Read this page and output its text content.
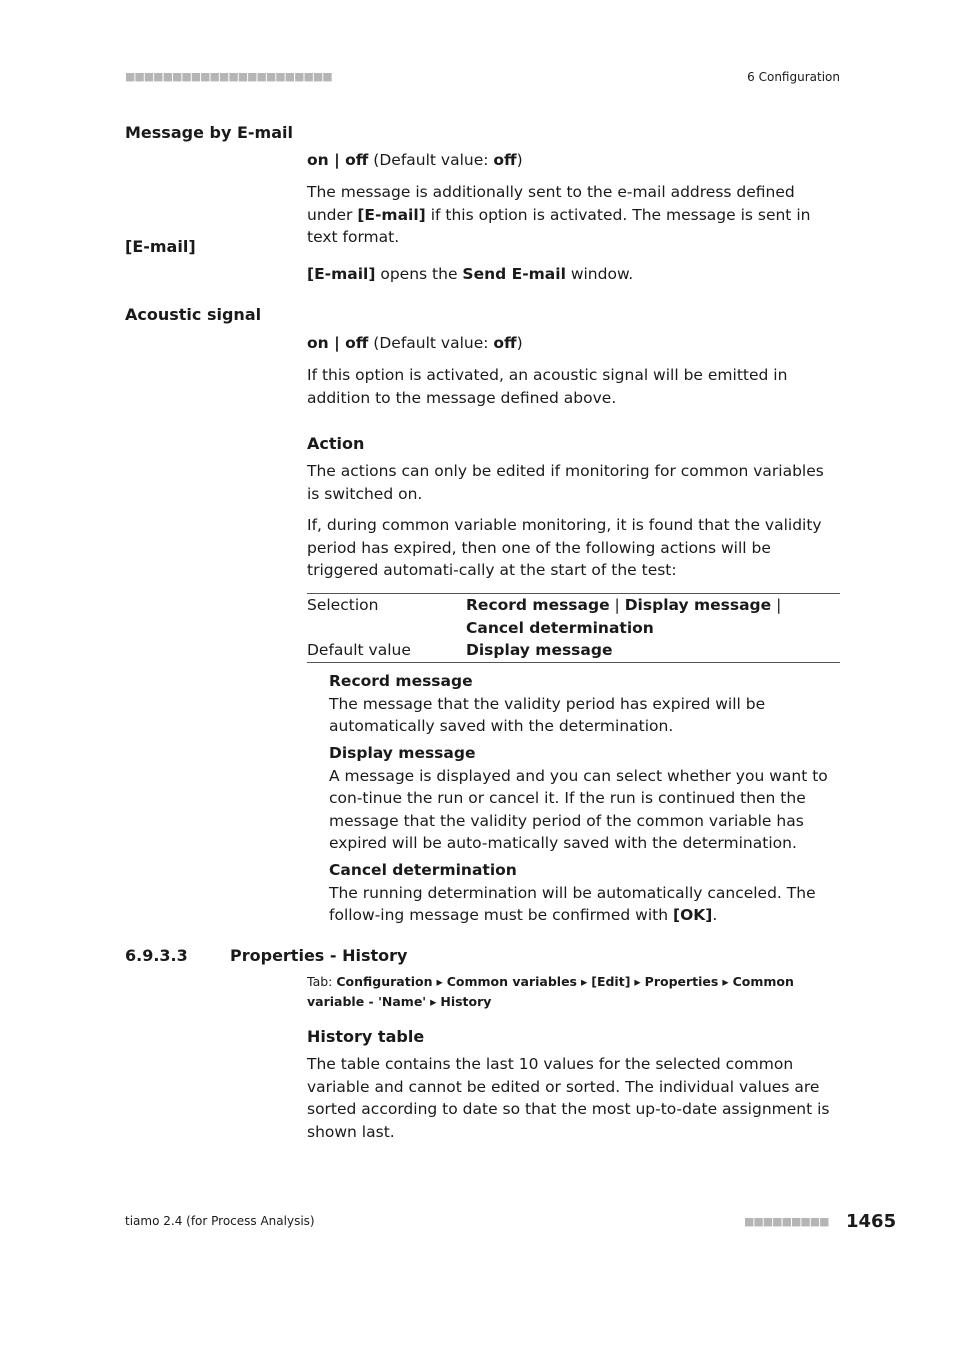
■■■■■■■■■■■■■■■■■■■■■■	6 Configuration
Message by E-mail

on | off (Default value: off)

The message is additionally sent to the e-mail address defined under [E-mail] if this option is activated. The message is sent in text format.

[E-mail]

[E-mail] opens the Send E-mail window.

Acoustic signal

on | off (Default value: off)

If this option is activated, an acoustic signal will be emitted in addition to the message defined above.

Action

The actions can only be edited if monitoring for common variables is switched on.

If, during common variable monitoring, it is found that the validity period has expired, then one of the following actions will be triggered automati-cally at the start of the test:

Selection	Record message | Display message | Cancel determination
Default value	Display message
Record message
The message that the validity period has expired will be automatically saved with the determination.
Display message
A message is displayed and you can select whether you want to con-tinue the run or cancel it. If the run is continued then the message that the validity period of the common variable has expired will be auto-matically saved with the determination.
Cancel determination
The running determination will be automatically canceled. The follow-ing message must be confirmed with [OK].
6.9.3.3	Properties - History
Tab: Configuration ▸ Common variables ▸ [Edit] ▸ Properties ▸ Common variable - 'Name' ▸ History
History table

The table contains the last 10 values for the selected common variable and cannot be edited or sorted. The individual values are sorted according to date so that the most up-to-date assignment is shown last.

tiamo 2.4 (for Process Analysis)	■■■■■■■■■ 1465
